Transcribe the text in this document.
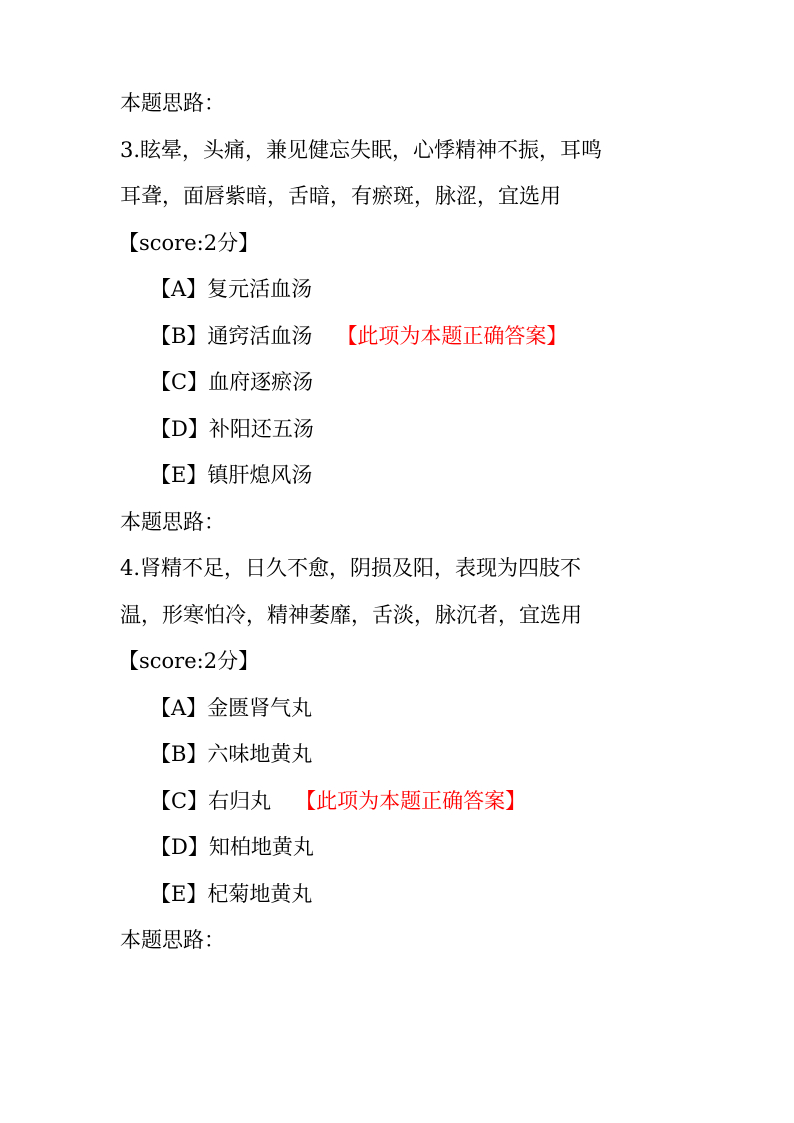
本题思路：

3.眩晕，头痛，兼见健忘失眠，心悸精神不振，耳鸣

耳聋，面唇紫暗，舌暗，有瘀斑，脉涩，宜选用

【score:2分】

【A】复元活血汤

【B】通窍活血汤 【此项为本题正确答案】

【C】血府逐瘀汤

【D】补阳还五汤

【E】镇肝熄风汤

本题思路：

4.肾精不足，日久不愈，阴损及阳，表现为四肢不

温，形寒怕冷，精神萎靡，舌淡，脉沉者，宜选用

【score:2分】

【A】金匮肾气丸

【B】六味地黄丸

【C】右归丸 【此项为本题正确答案】

【D】知柏地黄丸

【E】杞菊地黄丸

本题思路：
